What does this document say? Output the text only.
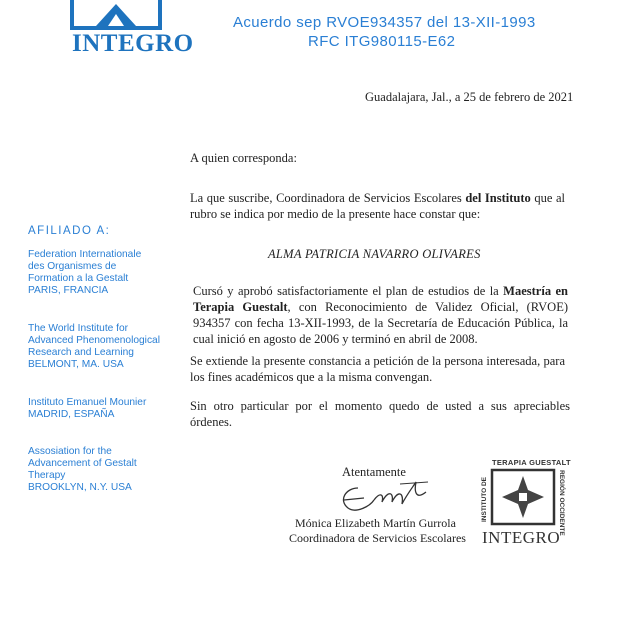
INSTI	DENTE
INTEGRO
Acuerdo sep RVOE934357 del 13-XII-1993
RFC ITG980115-E62
Guadalajara, Jal., a 25 de febrero de 2021
A quien corresponda:
La que suscribe, Coordinadora de Servicios Escolares del Instituto que al rubro se indica por medio de la presente hace constar que:
ALMA PATRICIA NAVARRO OLIVARES
Cursó y aprobó satisfactoriamente el plan de estudios de la Maestría en Terapia Guestalt, con Reconocimiento de Validez Oficial, (RVOE) 934357 con fecha 13-XII-1993, de la Secretaría de Educación Pública, la cual inició en agosto de 2006 y terminó en abril de 2008.
Se extiende la presente constancia a petición de la persona interesada, para los fines académicos que a la misma convengan.
Sin otro particular por el momento quedo de usted a sus apreciables órdenes.
Atentamente
Mónica Elizabeth Martín Gurrola
Coordinadora de Servicios Escolares
AFILIADO A:
Federation Internationale
des Organismes de
Formation a la Gestalt
PARIS, FRANCIA
The World Institute for
Advanced Phenomenological
Research and Learning
BELMONT, MA. USA
Instituto Emanuel Mounier
MADRID, ESPAÑA
Assosiation for the
Advancement of Gestalt
Therapy
BROOKLYN, N.Y. USA
TERAPIA GUESTALT
INSTITUTO DE	REGIÓN OCCIDENTE
INTEGRO
